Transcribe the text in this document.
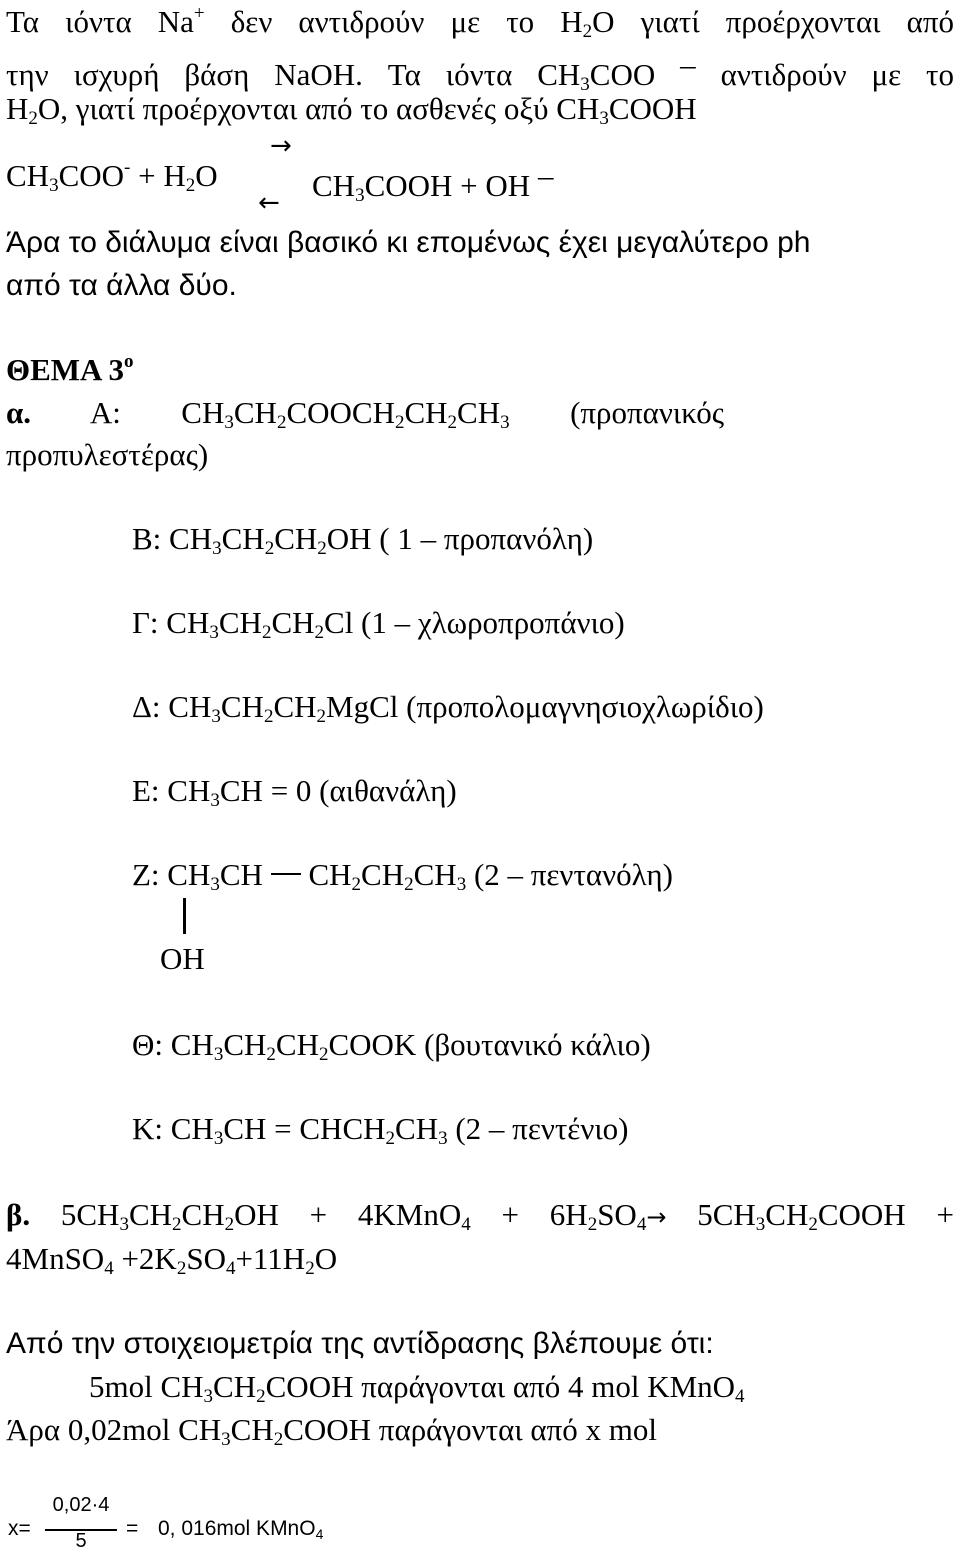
Τα ιόντα Na+ δεν αντιδρούν με το $H_2O$ γιατί προέρχονται από
την ισχυρή βάση NaOH. Τα ιόντα $CH_3COO$ – αντιδρούν με το
$H_2O$, γιατί προέρχονται από το ασθενές οξύ $CH_3COOH$
$CH_3COO^- + H_2O$	$CH_3COOH$ + OH –
→
←
Άρα το διάλυμα είναι βασικό κι επομένως έχει μεγαλύτερο ph
από τα άλλα δύο.
ΘΕΜΑ $3^o$
α. Α: $CH_3CH_2COOCH_2CH_2CH_3$ (προπανικός
προπυλεστέρας)
Β: $CH_3CH_2CH_2OH$ ( 1 – προπανόλη)
Γ: $CH_3CH_2CH_2Cl$ (1 – χλωροπροπάνιο)
Δ: $CH_3CH_2CH_2MgCl$ (προπολομαγνησιοχλωρίδιο)
Ε: $CH_3CH = 0$ (αιθανάλη)
Ζ: $CH_3CH$ $CH_2CH_2CH_3$ (2 – πεντανόλη)
OH
Θ: $CH_3CH_2CH_2COOK$ (βουτανικό κάλιο)
Κ: $CH_3CH$ = $CHCH_2CH_3$ (2 – πεντένιο)
β. $5CH_3CH_2CH_2OH$ + 4KMnO$_4$ + $6H_2SO_4\to$ $5CH_3CH_2COOH$ +
4MnSO$_4$ $+2K_2SO_4+11H_2O$
Από την στοιχειομετρία της αντίδρασης βλέπουμε ότι:
5mol $CH_3CH_2COOH$ παράγονται από 4 mol KMnO$_4$
Άρα 0,02mol $CH_3CH_2COOH$ παράγονται από x mol
x=
0,02·4
5
= 0, 016mol KMnO$_4$
